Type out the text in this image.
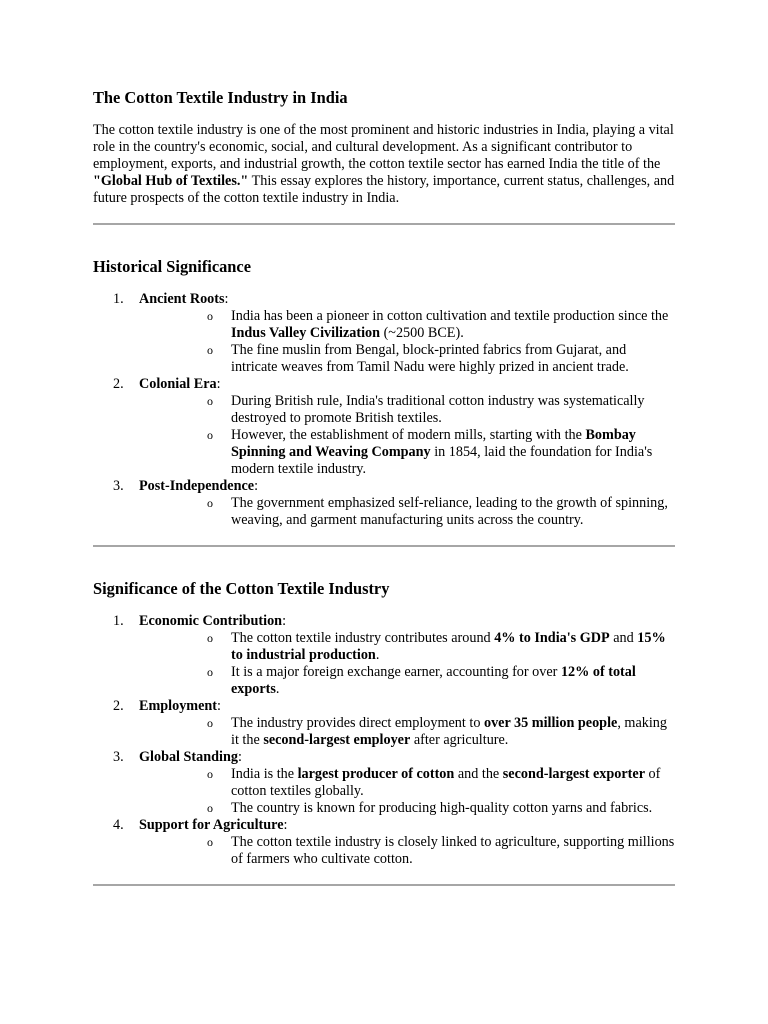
The Cotton Textile Industry in India

The cotton textile industry is one of the most prominent and historic industries in India, playing a vital role in the country's economic, social, and cultural development. As a significant contributor to employment, exports, and industrial growth, the cotton textile sector has earned India the title of the "Global Hub of Textiles." This essay explores the history, importance, current status, challenges, and future prospects of the cotton textile industry in India.

Historical Significance
1. Ancient Roots:
o India has been a pioneer in cotton cultivation and textile production since the Indus Valley Civilization (~2500 BCE).
o The fine muslin from Bengal, block-printed fabrics from Gujarat, and intricate weaves from Tamil Nadu were highly prized in ancient trade.
2. Colonial Era:
o During British rule, India's traditional cotton industry was systematically destroyed to promote British textiles.
o However, the establishment of modern mills, starting with the Bombay Spinning and Weaving Company in 1854, laid the foundation for India's modern textile industry.
3. Post-Independence:
o The government emphasized self-reliance, leading to the growth of spinning, weaving, and garment manufacturing units across the country.
Significance of the Cotton Textile Industry
1. Economic Contribution:
o The cotton textile industry contributes around 4% to India's GDP and 15% to industrial production.
o It is a major foreign exchange earner, accounting for over 12% of total exports.
2. Employment:
o The industry provides direct employment to over 35 million people, making it the second-largest employer after agriculture.
3. Global Standing:
o India is the largest producer of cotton and the second-largest exporter of cotton textiles globally.
o The country is known for producing high-quality cotton yarns and fabrics.
4. Support for Agriculture:
o The cotton textile industry is closely linked to agriculture, supporting millions of farmers who cultivate cotton.
